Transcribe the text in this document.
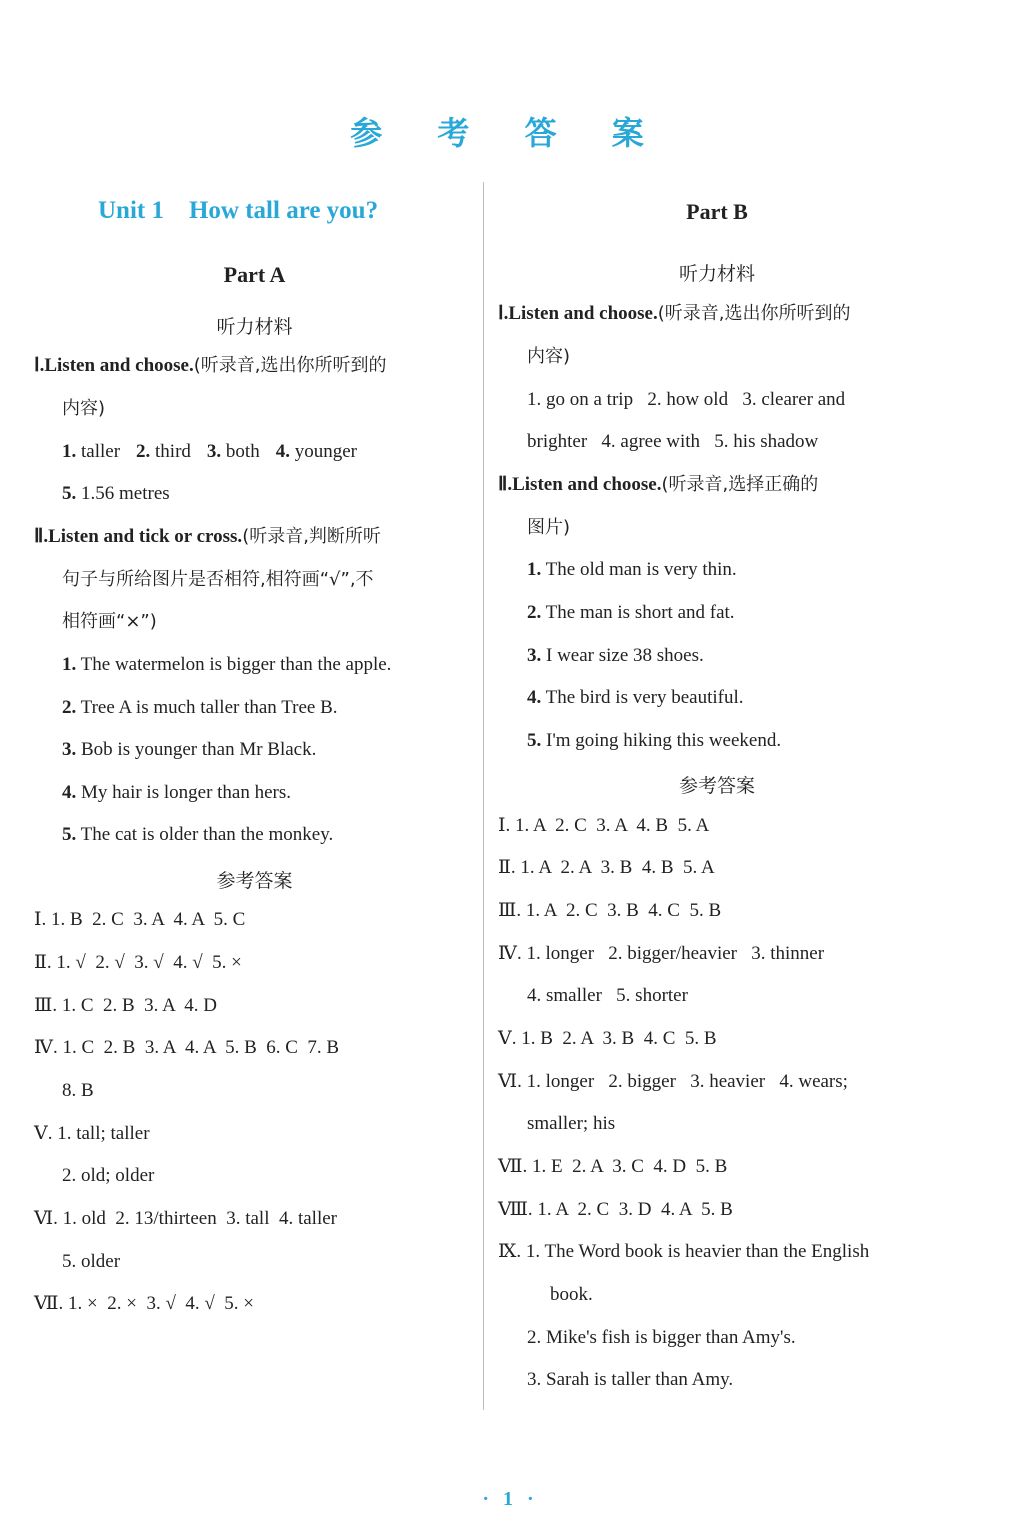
参 考 答 案
Unit 1    How tall are you?
Part A
听力材料
Ⅰ.Listen and choose.(听录音,选出你所听到的
内容)
1. taller 2. third 3. both 4. younger
5. 1.56 metres
Ⅱ.Listen and tick or cross.(听录音,判断所听
句子与所给图片是否相符,相符画“√”,不
相符画“×”)
1. The watermelon is bigger than the apple.
2. Tree A is much taller than Tree B.
3. Bob is younger than Mr Black.
4. My hair is longer than hers.
5. The cat is older than the monkey.
参考答案
Ⅰ. 1. B  2. C  3. A  4. A  5. C
Ⅱ. 1. √  2. √  3. √  4. √  5. ×
Ⅲ. 1. C  2. B  3. A  4. D
Ⅳ. 1. C  2. B  3. A  4. A  5. B  6. C  7. B
8. B
Ⅴ. 1. tall; taller
2. old; older
Ⅵ. 1. old  2. 13/thirteen  3. tall  4. taller
5. older
Ⅶ. 1. ×  2. ×  3. √  4. √  5. ×
Part B
听力材料
Ⅰ.Listen and choose.(听录音,选出你所听到的
内容)
1. go on a trip   2. how old   3. clearer and
brighter   4. agree with   5. his shadow
Ⅱ.Listen and choose.(听录音,选择正确的
图片)
1. The old man is very thin.
2. The man is short and fat.
3. I wear size 38 shoes.
4. The bird is very beautiful.
5. I'm going hiking this weekend.
参考答案
Ⅰ. 1. A  2. C  3. A  4. B  5. A
Ⅱ. 1. A  2. A  3. B  4. B  5. A
Ⅲ. 1. A  2. C  3. B  4. C  5. B
Ⅳ. 1. longer   2. bigger/heavier   3. thinner
4. smaller   5. shorter
Ⅴ. 1. B  2. A  3. B  4. C  5. B
Ⅵ. 1. longer   2. bigger   3. heavier   4. wears;
smaller; his
Ⅶ. 1. E  2. A  3. C  4. D  5. B
Ⅷ. 1. A  2. C  3. D  4. A  5. B
Ⅸ. 1. The Word book is heavier than the English
book.
2. Mike's fish is bigger than Amy's.
3. Sarah is taller than Amy.
· 1 ·
